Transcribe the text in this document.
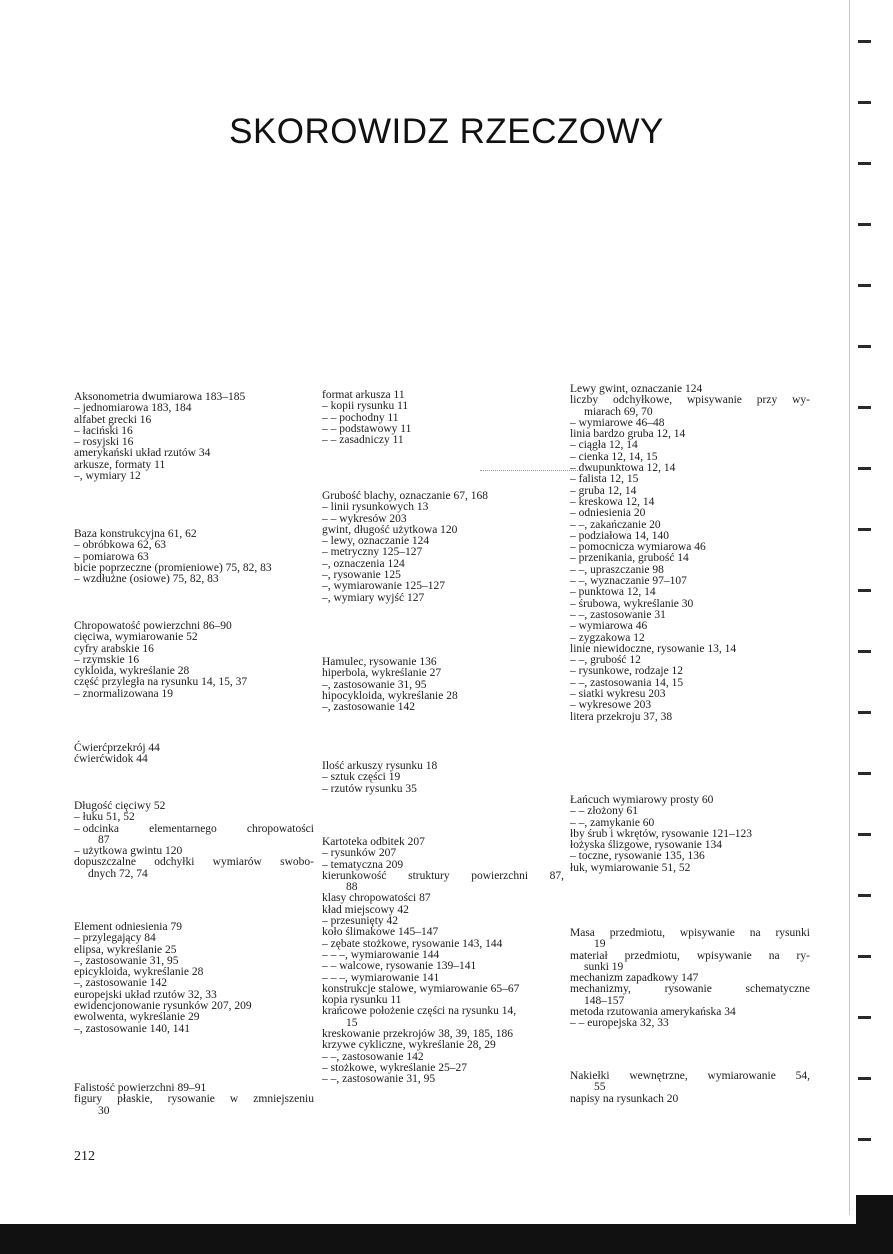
SKOROWIDZ RZECZOWY
Aksonometria dwumiarowa 183–185
– jednomiarowa 183, 184
alfabet grecki 16
– łaciński 16
– rosyjski 16
amerykański układ rzutów 34
arkusze, formaty 11
–, wymiary 12
Baza konstrukcyjna 61, 62
– obróbkowa 62, 63
– pomiarowa 63
bicie poprzeczne (promieniowe) 75, 82, 83
– wzdłużne (osiowe) 75, 82, 83
Chropowatość powierzchni 86–90
cięciwa, wymiarowanie 52
cyfry arabskie 16
– rzymskie 16
cykloida, wykreślanie 28
część przyległa na rysunku 14, 15, 37
– znormalizowana 19
Ćwierćprzekrój 44
ćwierćwidok 44
Długość cięciwy 52
– łuku 51, 52
– odcinka	elementarnego	chropowatości
87
– użytkowa gwintu 120
dopuszczalne odchyłki wymiarów swobo-
dnych 72, 74
Element odniesienia 79
– przylegający 84
elipsa, wykreślanie 25
–, zastosowanie 31, 95
epicykloida, wykreślanie 28
–, zastosowanie 142
europejski układ rzutów 32, 33
ewidencjonowanie rysunków 207, 209
ewolwenta, wykreślanie 29
–, zastosowanie 140, 141
Falistość powierzchni 89–91
figury płaskie, rysowanie w zmniejszeniu
30
format arkusza 11
– kopii rysunku 11
– – pochodny 11
– – podstawowy 11
– – zasadniczy 11
Grubość blachy, oznaczanie 67, 168
– linii rysunkowych 13
– – wykresów 203
gwint, długość użytkowa 120
– lewy, oznaczanie 124
– metryczny 125–127
–, oznaczenia 124
–, rysowanie 125
–, wymiarowanie 125–127
–, wymiary wyjść 127
Hamulec, rysowanie 136
hiperbola, wykreślanie 27
–, zastosowanie 31, 95
hipocykloida, wykreślanie 28
–, zastosowanie 142
Ilość arkuszy rysunku 18
– sztuk części 19
– rzutów rysunku 35
Kartoteka odbitek 207
– rysunków 207
– tematyczna 209
kierunkowość struktury powierzchni 87,
88
klasy chropowatości 87
kład miejscowy 42
– przesunięty 42
koło ślimakowe 145–147
– zębate stożkowe, rysowanie 143, 144
– – –, wymiarowanie 144
– – walcowe, rysowanie 139–141
– – –, wymiarowanie 141
konstrukcje stalowe, wymiarowanie 65–67
kopia rysunku 11
krańcowe położenie części na rysunku 14,
15
kreskowanie przekrojów 38, 39, 185, 186
krzywe cykliczne, wykreślanie 28, 29
– –, zastosowanie 142
– stożkowe, wykreślanie 25–27
– –, zastosowanie 31, 95
Lewy gwint, oznaczanie 124
liczby odchyłkowe, wpisywanie przy wy-
miarach 69, 70
– wymiarowe 46–48
linia bardzo gruba 12, 14
– ciągła 12, 14
– cienka 12, 14, 15
– dwupunktowa 12, 14
– falista 12, 15
– gruba 12, 14
– kreskowa 12, 14
– odniesienia 20
– –, zakańczanie 20
– podziałowa 14, 140
– pomocnicza wymiarowa 46
– przenikania, grubość 14
– –, upraszczanie 98
– –, wyznaczanie 97–107
– punktowa 12, 14
– śrubowa, wykreślanie 30
– –, zastosowanie 31
– wymiarowa 46
– zygzakowa 12
linie niewidoczne, rysowanie 13, 14
– –, grubość 12
– rysunkowe, rodzaje 12
– –, zastosowania 14, 15
– siatki wykresu 203
– wykresowe 203
litera przekroju 37, 38
Łańcuch wymiarowy prosty 60
– – złożony 61
– –, zamykanie 60
łby śrub i wkrętów, rysowanie 121–123
łożyska ślizgowe, rysowanie 134
– toczne, rysowanie 135, 136
łuk, wymiarowanie 51, 52
Masa przedmiotu, wpisywanie na rysunki
19
materiał przedmiotu, wpisywanie na ry-
sunki 19
mechanizm zapadkowy 147
mechanizmy,	rysowanie	schematyczne
148–157
metoda rzutowania amerykańska 34
– – europejska 32, 33
Nakiełki wewnętrzne, wymiarowanie 54,
55
napisy na rysunkach 20
212
